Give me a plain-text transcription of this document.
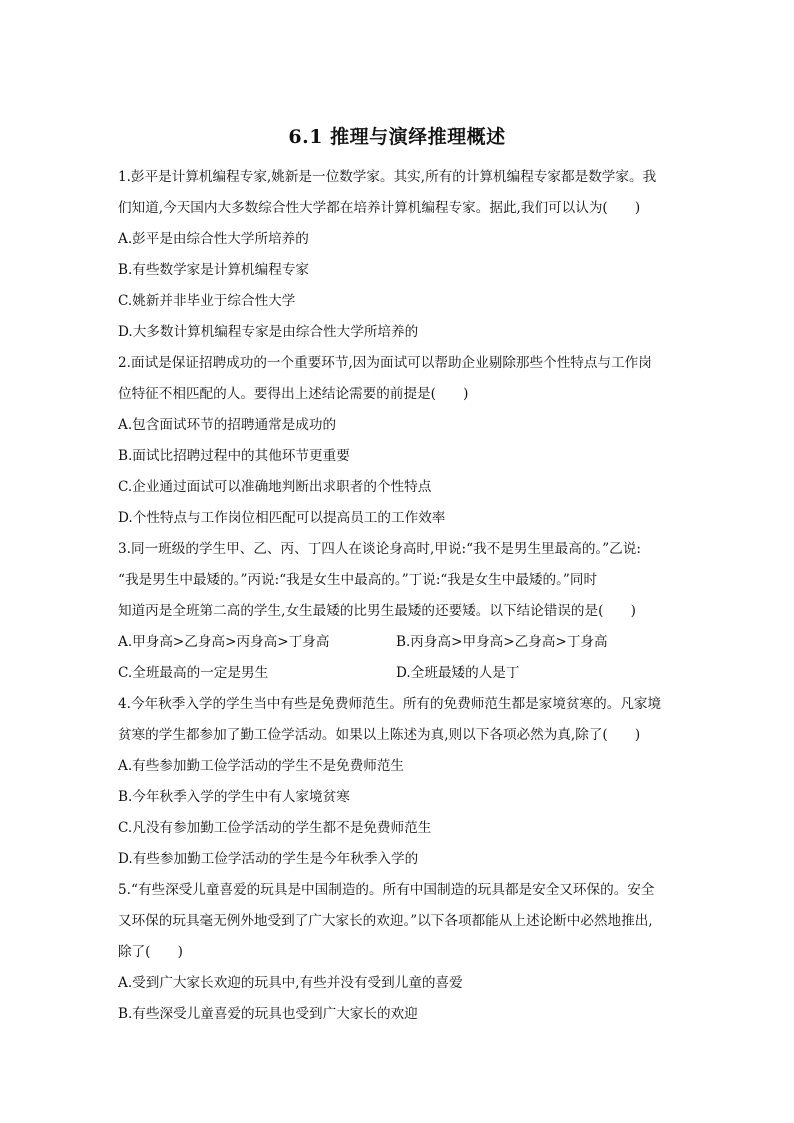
6.1 推理与演绎推理概述
1.彭平是计算机编程专家,姚新是一位数学家。其实,所有的计算机编程专家都是数学家。我
们知道,今天国内大多数综合性大学都在培养计算机编程专家。据此,我们可以认为(　　)
A.彭平是由综合性大学所培养的
B.有些数学家是计算机编程专家
C.姚新并非毕业于综合性大学
D.大多数计算机编程专家是由综合性大学所培养的
2.面试是保证招聘成功的一个重要环节,因为面试可以帮助企业剔除那些个性特点与工作岗
位特征不相匹配的人。要得出上述结论需要的前提是(　　)
A.包含面试环节的招聘通常是成功的
B.面试比招聘过程中的其他环节更重要
C.企业通过面试可以准确地判断出求职者的个性特点
D.个性特点与工作岗位相匹配可以提高员工的工作效率
3.同一班级的学生甲、乙、丙、丁四人在谈论身高时,甲说:“我不是男生里最高的。”乙说:
“我是男生中最矮的。”丙说:“我是女生中最高的。”丁说:“我是女生中最矮的。”同时
知道丙是全班第二高的学生,女生最矮的比男生最矮的还要矮。以下结论错误的是(　　)
A.甲身高>乙身高>丙身高>丁身高	B.丙身高>甲身高>乙身高>丁身高
C.全班最高的一定是男生	D.全班最矮的人是丁
4.今年秋季入学的学生当中有些是免费师范生。所有的免费师范生都是家境贫寒的。凡家境
贫寒的学生都参加了勤工俭学活动。如果以上陈述为真,则以下各项必然为真,除了(　　)
A.有些参加勤工俭学活动的学生不是免费师范生
B.今年秋季入学的学生中有人家境贫寒
C.凡没有参加勤工俭学活动的学生都不是免费师范生
D.有些参加勤工俭学活动的学生是今年秋季入学的
5.“有些深受儿童喜爱的玩具是中国制造的。所有中国制造的玩具都是安全又环保的。安全
又环保的玩具毫无例外地受到了广大家长的欢迎。”以下各项都能从上述论断中必然地推出,
除了(　　)
A.受到广大家长欢迎的玩具中,有些并没有受到儿童的喜爱
B.有些深受儿童喜爱的玩具也受到广大家长的欢迎
